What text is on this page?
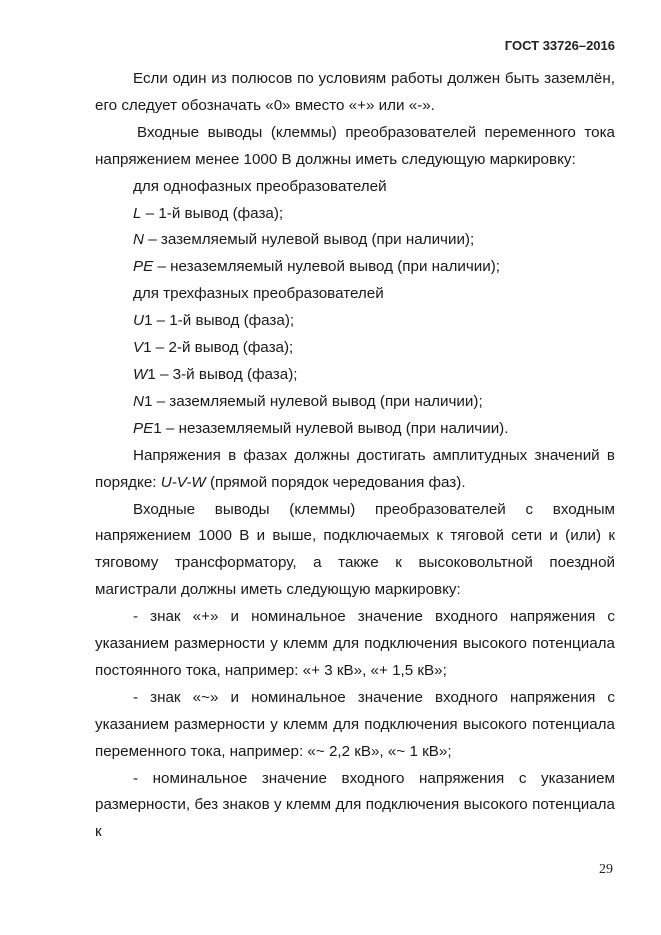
ГОСТ 33726–2016

Если один из полюсов по условиям работы должен быть заземлён, его следует обозначать «0» вместо «+» или «-».

Входные выводы (клеммы) преобразователей переменного тока напряжением менее 1000 В должны иметь следующую маркировку:

для однофазных преобразователей

L – 1-й вывод (фаза);

N – заземляемый нулевой вывод (при наличии);

PE – незаземляемый нулевой вывод (при наличии);

для трехфазных преобразователей

U1 – 1-й вывод (фаза);

V1 – 2-й вывод (фаза);

W1 – 3-й вывод (фаза);

N1 – заземляемый нулевой вывод (при наличии);

PE1 – незаземляемый нулевой вывод (при наличии).

Напряжения в фазах должны достигать амплитудных значений в порядке: U-V-W (прямой порядок чередования фаз).

Входные выводы (клеммы) преобразователей с входным напряжением 1000 В и выше, подключаемых к тяговой сети и (или) к тяговому трансформатору, а также к высоковольтной поездной магистрали должны иметь следующую маркировку:

- знак «+» и номинальное значение входного напряжения с указанием размерности у клемм для подключения высокого потенциала постоянного тока, например: «+ 3 кВ», «+ 1,5 кВ»;

- знак «~» и номинальное значение входного напряжения с указанием размерности у клемм для подключения высокого потенциала переменного тока, например: «~ 2,2 кВ», «~ 1 кВ»;

- номинальное значение входного напряжения с указанием размерности, без знаков у клемм для подключения высокого потенциала к

29
